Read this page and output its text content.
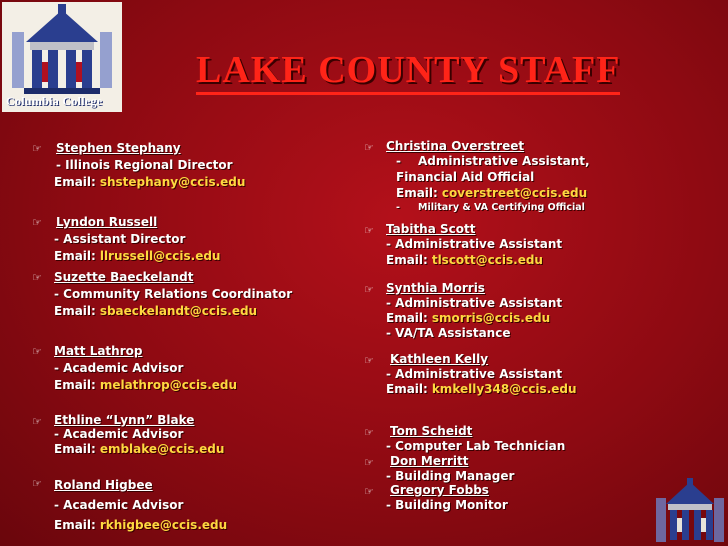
Columbia College
LAKE COUNTY STAFF
☞ Stephen Stephany
- Illinois Regional Director
Email: shstephany@ccis.edu
☞ Lyndon Russell
- Assistant Director
Email: llrussell@ccis.edu
☞ Suzette Baeckelandt
- Community Relations Coordinator
Email: sbaeckelandt@ccis.edu
☞ Matt Lathrop
- Academic Advisor
Email: melathrop@ccis.edu
☞ Ethline “Lynn” Blake
- Academic Advisor
Email: emblake@ccis.edu
☞ Roland Higbee
- Academic Advisor
Email: rkhigbee@ccis.edu
☞ Christina Overstreet
- Administrative Assistant,
Financial Aid Official
Email: coverstreet@ccis.edu
- Military & VA Certifying Official
☞ Tabitha Scott
- Administrative Assistant
Email: tlscott@ccis.edu
☞ Synthia Morris
- Administrative Assistant
Email: smorris@ccis.edu
- VA/TA Assistance
☞ Kathleen Kelly
- Administrative Assistant
Email: kmkelly348@ccis.edu
☞ Tom Scheidt
- Computer Lab Technician
☞ Don Merritt
- Building Manager
☞ Gregory Fobbs
- Building Monitor
